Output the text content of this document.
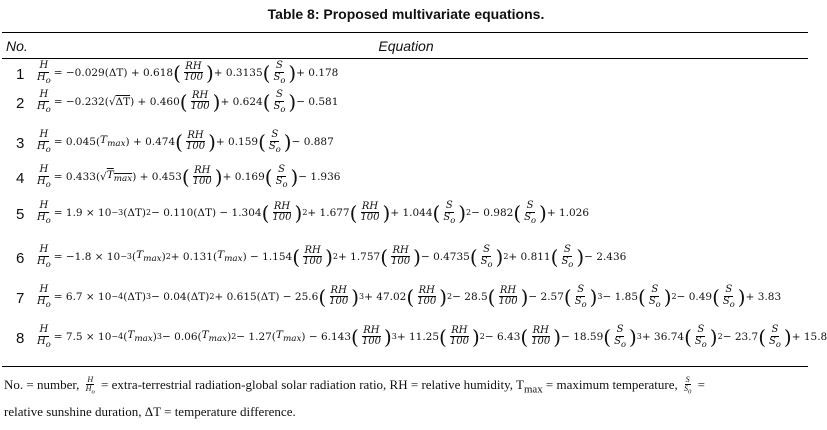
Table 8: Proposed multivariate equations.
No.	Equation
$1 \frac{H}{H_o} = -0.029(\Delta T) + 0.618$ ( $\frac{RH}{100}$ ) + 0.3135 ( $\frac{S}{S_o}$ ) + 0.178
$2 \frac{H}{H_o} = -0.232(√$ ΔT ) + 0.460 ( $\frac{RH}{100}$ ) + 0.624 ( $\frac{S}{S_o}$ ) − 0.581
$3 \frac{H}{H_o} = 0.045$( $T_{max}$ ) + 0.474 ( $\frac{RH}{100}$ ) + 0.159 ( $\frac{S}{S_o}$ ) − 0.887
$4 \frac{H}{H_o} = 0.433(√$ $T_{max}$ ) + 0.453 ( $\frac{RH}{100}$ ) + 0.169 ( $\frac{S}{S_o}$ ) − 1.936
$5 \frac{H}{H_o} = 1.9 \times 10 -3$ (ΔT) 2 − 0.110(ΔT) − 1.304 ( $\frac{RH}{100}$ ) 2 + 1.677 ( $\frac{RH}{100}$ ) + 1.044 ( $\frac{S}{S_o}$ ) 2 − 0.982 ( $\frac{S}{S_o}$ ) + 1.026
$6 \frac{H}{H_o} = -1.8 \times 10 -3$ ( $T_{max}$ ) 2 + 0.131( $T_{max}$ ) − 1.154 ( $\frac{RH}{100}$ ) 2 + 1.757 ( $\frac{RH}{100}$ ) − 0.4735 ( $\frac{S}{S_o}$ ) 2 + 0.811 ( $\frac{S}{S_o}$ ) − 2.436
$7 \frac{H}{H_o} = 6.7 \times 10 -4$ (ΔT) 3 − 0.04(ΔT) 2 + 0.615(ΔT) − 25.6 ( $\frac{RH}{100}$ ) 3 + 47.02 ( $\frac{RH}{100}$ ) 2 − 28.5 ( $\frac{RH}{100}$ ) − 2.57 ( $\frac{S}{S_o}$ ) 3 − 1.85 ( $\frac{S}{S_o}$ ) 2 − 0.49 ( $\frac{S}{S_o}$ ) + 3.83
$8 \frac{H}{H_o} = 7.5 \times 10 -4$ ( $T_{max}$ ) 3 − 0.06( $T_{max}$ ) 2 − 1.27( $T_{max}$ ) − 6.143 ( $\frac{RH}{100}$ ) 3 + 11.25 ( $\frac{RH}{100}$ ) 2 − 6.43 ( $\frac{RH}{100}$ ) − 18.59 ( $\frac{S}{S_o}$ ) 3 + 36.74 ( $\frac{S}{S_o}$ ) 2 − 23.7 ( $\frac{S}{S_o}$ ) + 15.8
No. = number, $\frac{H}{H_o}$ = extra-terrestrial radiation-global solar radiation ratio, RH = relative humidity, $T_{max}$ = maximum temperature, $\frac{S}{S_0}$ =
relative sunshine duration, ΔT = temperature difference.
